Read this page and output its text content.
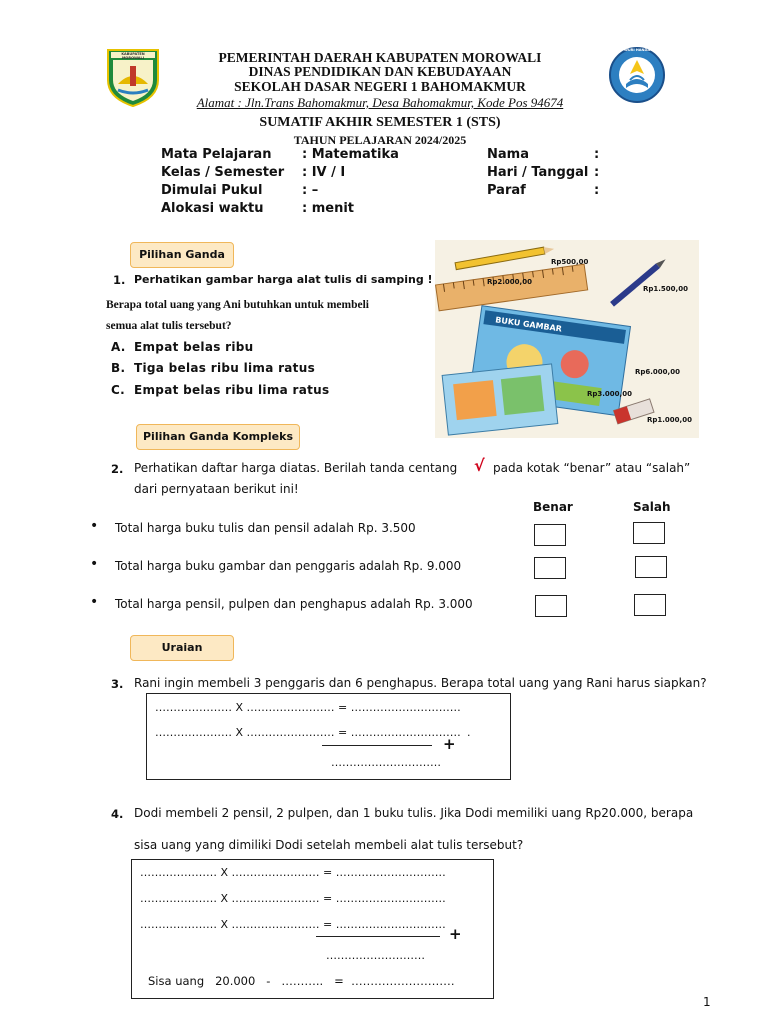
KABUPATEN MOROWALI
TUT WURI HANDAYANI
PEMERINTAH DAERAH KABUPATEN MOROWALI
DINAS PENDIDIKAN DAN KEBUDAYAAN
SEKOLAH DASAR NEGERI 1 BAHOMAKMUR
Alamat : Jln.Trans Bahomakmur, Desa Bahomakmur, Kode Pos 94674
SUMATIF AKHIR SEMESTER 1 (STS)
TAHUN PELAJARAN 2024/2025
Mata Pelajaran : Matematika
Kelas / Semester : IV / I
Dimulai Pukul	: –
Alokasi waktu	: menit
Nama	:
Hari / Tanggal :
Paraf	:
Pilihan Ganda
1. Perhatikan gambar harga alat tulis di samping !
Berapa total uang yang Ani butuhkan untuk membeli
semua alat tulis tersebut?
A. Empat belas ribu
B. Tiga belas ribu lima ratus
C. Empat belas ribu lima ratus
Rp500,00
Rp2.000,00
Rp1.500,00
BUKU GAMBAR
Rp6.000,00
Rp3.000,00
Rp1.000,00
Pilihan Ganda Kompleks
2. Perhatikan daftar harga diatas. Berilah tanda centang √ pada kotak “benar” atau “salah”
dari pernyataan berikut ini!
Benar	Salah
• Total harga buku tulis dan pensil adalah Rp. 3.500
• Total harga buku gambar dan penggaris adalah Rp. 9.000
• Total harga pensil, pulpen dan penghapus adalah Rp. 3.000
Uraian
3. Rani ingin membeli 3 penggaris dan 6 penghapus. Berapa total uang yang Rani harus siapkan?
………………… X …………………… = …………………………
………………… X …………………… = ………………………… .
+
…………………………
4. Dodi membeli 2 pensil, 2 pulpen, dan 1 buku tulis. Jika Dodi memiliki uang Rp20.000, berapa
sisa uang yang dimiliki Dodi setelah membeli alat tulis tersebut?
………………… X …………………… = …………………………
………………… X …………………… = …………………………
………………… X …………………… = …………………………
+
………………………
Sisa uang   20.000   -   ………..   =  ………………………
1
